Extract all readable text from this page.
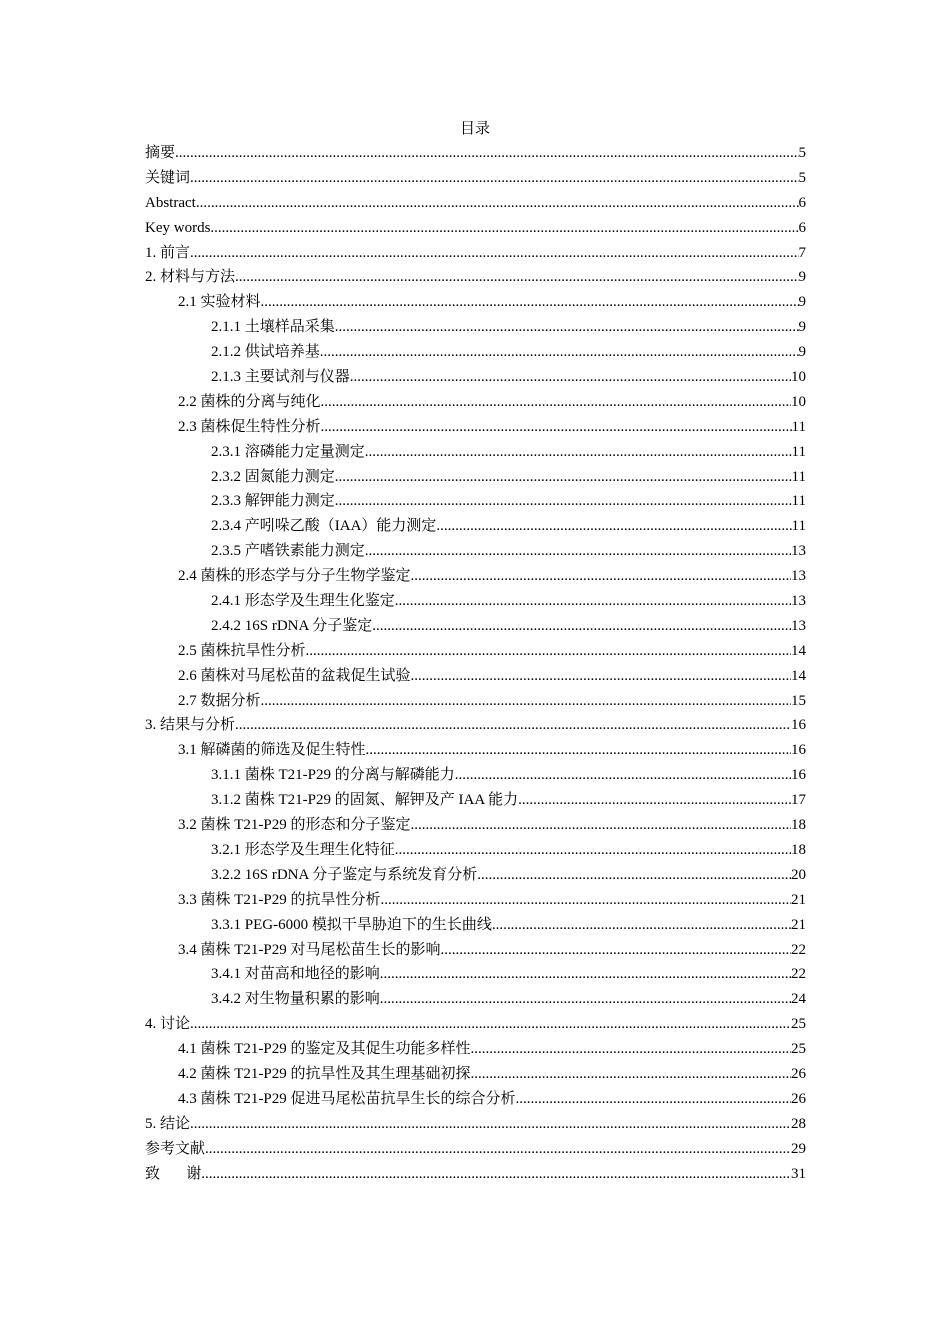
目录
摘要 .....	5
关键词 .....	5
Abstract .....	6
Key words .....	6
1. 前言 .....	7
2. 材料与方法 .....	9
2.1 实验材料 .....	9
2.1.1 土壤样品采集 .....	9
2.1.2 供试培养基 .....	9
2.1.3 主要试剂与仪器 .....	10
2.2 菌株的分离与纯化 .....	10
2.3 菌株促生特性分析 .....	11
2.3.1 溶磷能力定量测定 .....	11
2.3.2 固氮能力测定 .....	11
2.3.3 解钾能力测定 .....	11
2.3.4 产吲哚乙酸（IAA）能力测定 .....	11
2.3.5 产嗜铁素能力测定 .....	13
2.4 菌株的形态学与分子生物学鉴定 .....	13
2.4.1 形态学及生理生化鉴定 .....	13
2.4.2 16S rDNA 分子鉴定 .....	13
2.5 菌株抗旱性分析 .....	14
2.6 菌株对马尾松苗的盆栽促生试验 .....	14
2.7 数据分析 .....	15
3. 结果与分析 .....	16
3.1 解磷菌的筛选及促生特性 .....	16
3.1.1 菌株 T21-P29 的分离与解磷能力 .....	16
3.1.2 菌株 T21-P29 的固氮、解钾及产 IAA 能力 .....	17
3.2 菌株 T21-P29 的形态和分子鉴定 .....	18
3.2.1 形态学及生理生化特征 .....	18
3.2.2 16S rDNA 分子鉴定与系统发育分析 .....	20
3.3 菌株 T21-P29 的抗旱性分析 .....	21
3.3.1 PEG-6000 模拟干旱胁迫下的生长曲线 .....	21
3.4 菌株 T21-P29 对马尾松苗生长的影响 .....	22
3.4.1 对苗高和地径的影响 .....	22
3.4.2 对生物量积累的影响 .....	24
4. 讨论 .....	25
4.1 菌株 T21-P29 的鉴定及其促生功能多样性 .....	25
4.2 菌株 T21-P29 的抗旱性及其生理基础初探 .....	26
4.3 菌株 T21-P29 促进马尾松苗抗旱生长的综合分析 .....	26
5. 结论 .....	28
参考文献 .....	29
致       谢 .....	31
